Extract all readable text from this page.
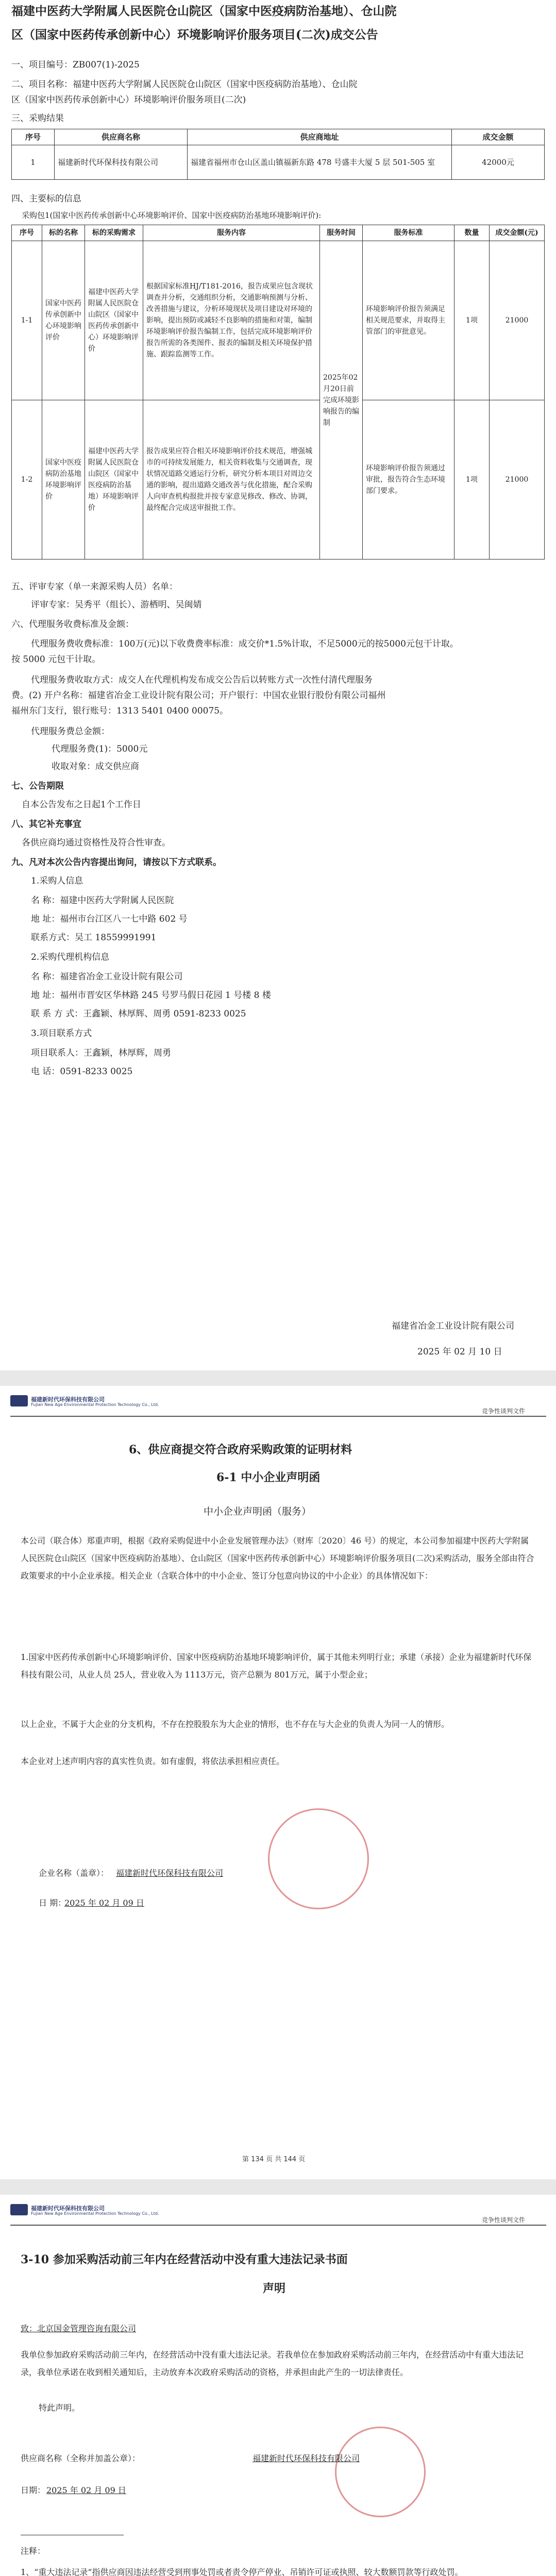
福建中医药大学附属人民医院仓山院区（国家中医疫病防治基地）、仓山院
区（国家中医药传承创新中心）环境影响评价服务项目(二次)成交公告
一、项目编号：ZB007(1)-2025
二、项目名称：福建中医药大学附属人民医院仓山院区（国家中医疫病防治基地）、仓山院
区（国家中医药传承创新中心）环境影响评价服务项目(二次)
三、采购结果
序号	供应商名称	供应商地址	成交金额
1	福建新时代环保科技有限公司	福建省福州市仓山区盖山镇福新东路 478 号盛丰大厦 5 层 501-505 室	42000元
四、主要标的信息
采购包1(国家中医药传承创新中心环境影响评价、国家中医疫病防治基地环境影响评价):
序号	标的名称	标的采购需求	服务内容	服务时间	服务标准	数量	成交金额(元)
1-1	国家中医药传承创新中心环境影响评价	福建中医药大学附属人民医院仓山院区（国家中医药传承创新中心）环境影响评价	根据国家标准HJ/T181-2016，报告成果应包含现状调查并分析，交通组织分析，交通影响预测与分析、改善措施与建议，分析环境现状及项目建设对环境的影响，提出预防或减轻不良影响的措施和对策，编制环境影响评价报告编制工作，包括完成环境影响评价报告所需的各类图件、报表的编制及相关环境保护措施、跟踪监测等工作。	2025年02月20日前完成环境影响报告的编制	环境影响评价报告须满足相关规范要求，并取得主管部门的审批意见。	1项	21000
1-2	国家中医疫病防治基地环境影响评价	福建中医药大学附属人民医院仓山院区（国家中医疫病防治基地）环境影响评价	报告成果应符合相关环境影响评价技术规范，增强城市的可持续发展能力，相关资料收集与交通调查，现状情况道路交通运行分析，研究分析本项目对周边交通的影响，提出道路交通改善与优化措施，配合采购人向审查机构报批并按专家意见修改、修改、协调，最终配合完成送审报批工作。		环境影响评价报告须通过审批，报告符合生态环境部门要求。	1项	21000
五、评审专家（单一来源采购人员）名单：
评审专家：吴秀平（组长）、游栖明、吴闽婧
六、代理服务收费标准及金额：
代理服务费收费标准：100万(元)以下收费费率标准：成交价*1.5%计取，不足5000元的按5000元包干计取。
按 5000 元包干计取。
代理服务费收取方式：成交人在代理机构发布成交公告后以转账方式一次性付清代理服务
费。(2) 开户名称：福建省冶金工业设计院有限公司；开户银行：中国农业银行股份有限公司福州
福州东门支行，银行账号：1313 5401 0400 00075。
代理服务费总金额：
代理服务费(1)：5000元
收取对象：成交供应商
七、公告期限
自本公告发布之日起1个工作日
八、其它补充事宜
各供应商均通过资格性及符合性审查。
九、凡对本次公告内容提出询问，请按以下方式联系。
1.采购人信息
名 称：福建中医药大学附属人民医院
地 址：福州市台江区八一七中路 602 号
联系方式：吴工 18559991991
2.采购代理机构信息
名 称：福建省冶金工业设计院有限公司
地 址：福州市晋安区华林路 245 号罗马假日花园 1 号楼 8 楼
联 系 方 式：王鑫颖、林厚辉、周勇 0591-8233 0025
3.项目联系方式
项目联系人：王鑫颖，林厚辉，周勇
电 话：0591-8233 0025
福建省冶金工业设计院有限公司
2025 年 02 月 10 日
福建新时代环保科技有限公司
Fujian New Age Environmental Protection Technology Co., Ltd.
竞争性谈判文件
6、供应商提交符合政府采购政策的证明材料
6-1 中小企业声明函
中小企业声明函（服务）
本公司（联合体）郑重声明，根据《政府采购促进中小企业发展管理办法》（财库〔2020〕46 号）的规定，本公司参加福建中医药大学附属人民医院仓山院区（国家中医疫病防治基地）、仓山院区（国家中医药传承创新中心）环境影响评价服务项目(二次)采购活动，服务全部由符合政策要求的中小企业承接。相关企业（含联合体中的中小企业、签订分包意向协议的中小企业）的具体情况如下：
1.国家中医药传承创新中心环境影响评价、国家中医疫病防治基地环境影响评价，属于其他未列明行业；承建（承接）企业为福建新时代环保科技有限公司，从业人员 25人，营业收入为 1113万元，资产总额为 801万元，属于小型企业；
以上企业，不属于大企业的分支机构，不存在控股股东为大企业的情形，也不存在与大企业的负责人为同一人的情形。
本企业对上述声明内容的真实性负责。如有虚假，将依法承担相应责任。
企业名称（盖章）： 福建新时代环保科技有限公司
日 期：
2025 年 02 月 09 日
第 134 页 共 144 页
福建新时代环保科技有限公司
Fujian New Age Environmental Protection Technology Co., Ltd.
竞争性谈判文件
3-10 参加采购活动前三年内在经营活动中没有重大违法记录书面
声明
致：北京国金管理咨询有限公司
我单位参加政府采购活动前三年内，在经营活动中没有重大违法记录。若我单位在参加政府采购活动前三年内，在经营活动中有重大违法记录，我单位承诺在收到相关通知后，主动放弃本次政府采购活动的资格，并承担由此产生的一切法律责任。
特此声明。
供应商名称（全称并加盖公章）：	福建新时代环保科技有限公司
日期： 2025 年 02 月 09 日
注释：
1、“重大违法记录”指供应商因违法经营受到刑事处罚或者责令停产停业、吊销许可证或执照、较大数额罚款等行政处罚。
